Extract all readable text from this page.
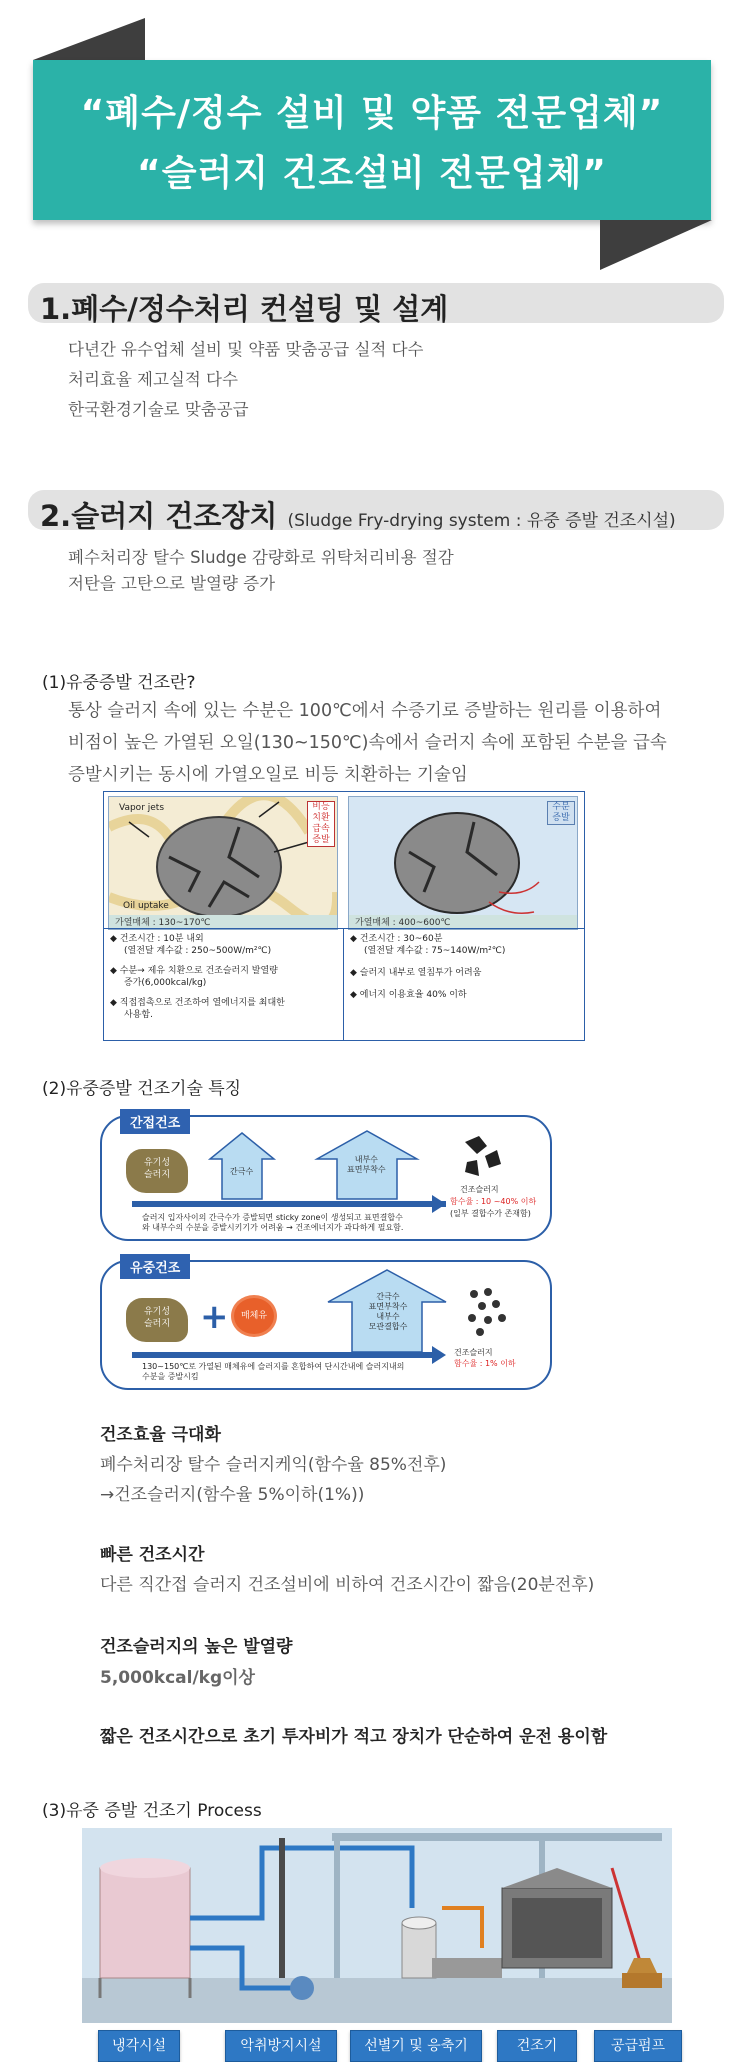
“폐수/정수 설비 및 약품 전문업체”
“슬러지 건조설비 전문업체”
1.폐수/정수처리 컨설팅 및 설계
다년간 유수업체 설비 및 약품 맞춤공급 실적 다수
처리효율 제고실적 다수
한국환경기술로 맞춤공급
2.슬러지 건조장치 (Sludge Fry-drying system : 유중 증발 건조시설)
폐수처리장 탈수 Sludge 감량화로 위탁처리비용 절감
저탄을 고탄으로 발열량 증가
(1)유중증발 건조란?
통상 슬러지 속에 있는 수분은 100℃에서 수증기로 증발하는 원리를 이용하여
비점이 높은 가열된 오일(130~150℃)속에서 슬러지 속에 포함된 수분을 급속
증발시키는 동시에 가열오일로 비등 치환하는 기술임
Vapor jets
Oil uptake
비등
치환
급속
증발
가열매체 : 130~170℃
수분
증발
가열매체 : 400~600℃
◆ 건조시간 : 10분 내외
(열전달 계수값 : 250~500W/m²℃)
◆ 수분→ 제유 치환으로 건조슬러지 발열량
증가(6,000kcal/kg)
◆ 직접접촉으로 건조하여 열에너지를 최대한
사용함.
◆ 건조시간 : 30~60분
(열전달 계수값 : 75~140W/m²℃)
◆ 슬러지 내부로 열침투가 어려움
◆ 에너지 이용효율 40% 이하
(2)유중증발 건조기술 특징
간접건조
유기성
슬러지	간극수
내부수
표면부착수
건조슬러지
함수율 : 10 ~40% 이하
(일부 결합수가 존재함)
슬러지 입자사이의 간극수가 증발되면 sticky zone이 생성되고 표면결합수
와 내부수의 수분을 증발시키기가 어려움 → 건조에너지가 과다하게 필요함.
유중건조
유기성
슬러지 +	매체유
간극수
표면부착수
내부수
모관결합수
건조슬러지
함수율 : 1% 이하
130~150℃로 가열된 매체유에 슬러지를 혼합하여 단시간내에 슬러지내의
수분을 증발시킴
건조효율 극대화
폐수처리장 탈수 슬러지케익(함수율 85%전후)
→건조슬러지(함수율 5%이하(1%))
빠른 건조시간
다른 직간접 슬러지 건조설비에 비하여 건조시간이 짧음(20분전후)
건조슬러지의 높은 발열량
5,000kcal/kg이상
짧은 건조시간으로 초기 투자비가 적고 장치가 단순하여 운전 용이함
(3)유중 증발 건조기 Process
냉각시설	악취방지시설	선별기 및 응축기	건조기	공급펌프
